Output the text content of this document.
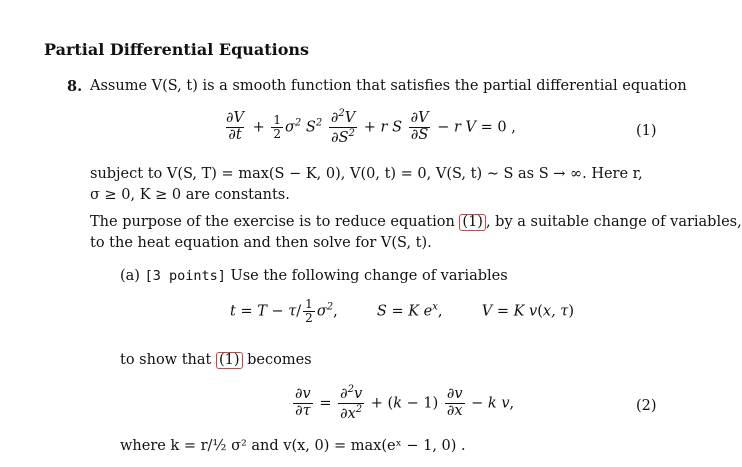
Partial Differential Equations
8. Assume V(S, t) is a smooth function that satisfies the partial differential equation
$\frac{\partial V}{\partial t} + \frac{1}{2} \sigma^2$ $S^2 \frac{\partial^2V}{\partial S^2} + r$ S $\frac{\partial V}{\partial S} - r$ V = 0 ,	(1)
subject to V(S, T) = max(S − K, 0), V(0, t) = 0, V(S, t) ∼ S as S → ∞. Here r,
σ ≥ 0, K ≥ 0 are constants.
The purpose of the exercise is to reduce equation (1) , by a suitable change of variables,
to the heat equation and then solve for V(S, t).
(a) [3 points] Use the following change of variables
$t = T - \tau/ \frac{1}{2} \sigma^2$,  S = K $e^x$,  V = K v(x, τ)
to show that (1) becomes
$\frac{\partial v}{\partial\tau} = \frac{\partial^2v}{\partial x^2} + (k - 1) \frac{\partial v}{\partial x} - k$ v,	(2)
where k = r/½ σ² and v(x, 0) = max(eˣ − 1, 0) .
